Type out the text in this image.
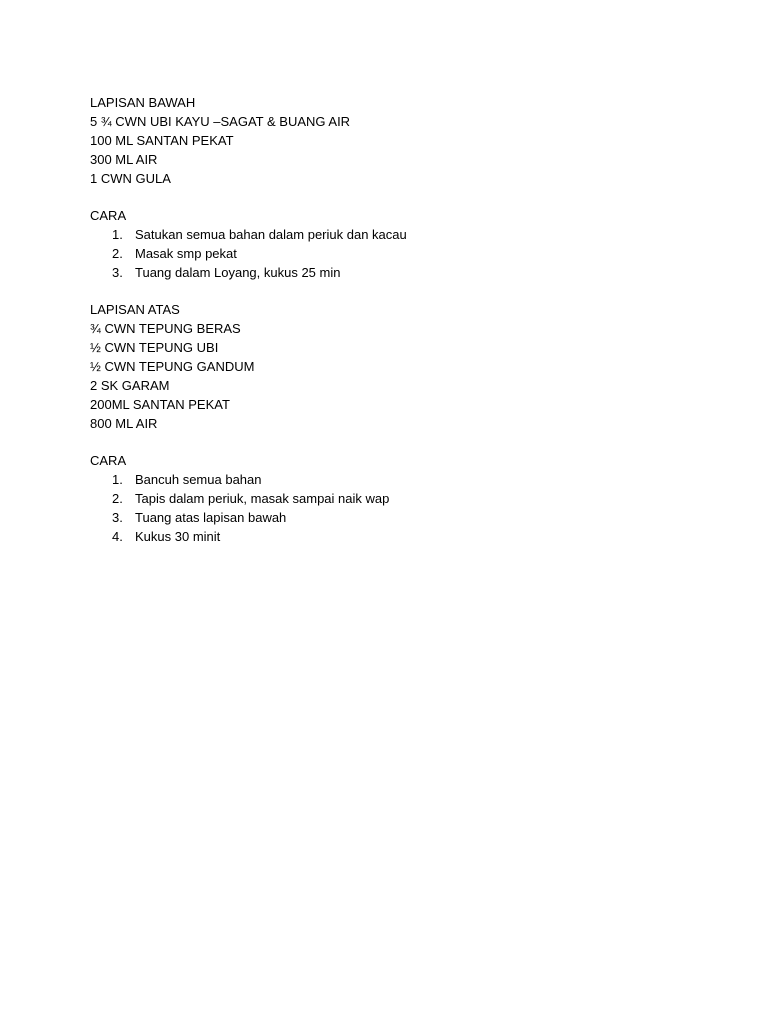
LAPISAN BAWAH
5 ¾ CWN UBI KAYU –SAGAT & BUANG AIR
100 ML SANTAN PEKAT
300 ML AIR
1 CWN GULA
CARA
1. Satukan semua bahan dalam periuk dan kacau
2. Masak smp pekat
3. Tuang dalam Loyang, kukus 25 min
LAPISAN ATAS
¾ CWN TEPUNG BERAS
½ CWN TEPUNG UBI
½ CWN TEPUNG GANDUM
2 SK GARAM
200ML SANTAN PEKAT
800 ML AIR
CARA
1. Bancuh semua bahan
2. Tapis dalam periuk, masak sampai naik wap
3. Tuang atas lapisan bawah
4. Kukus 30 minit
